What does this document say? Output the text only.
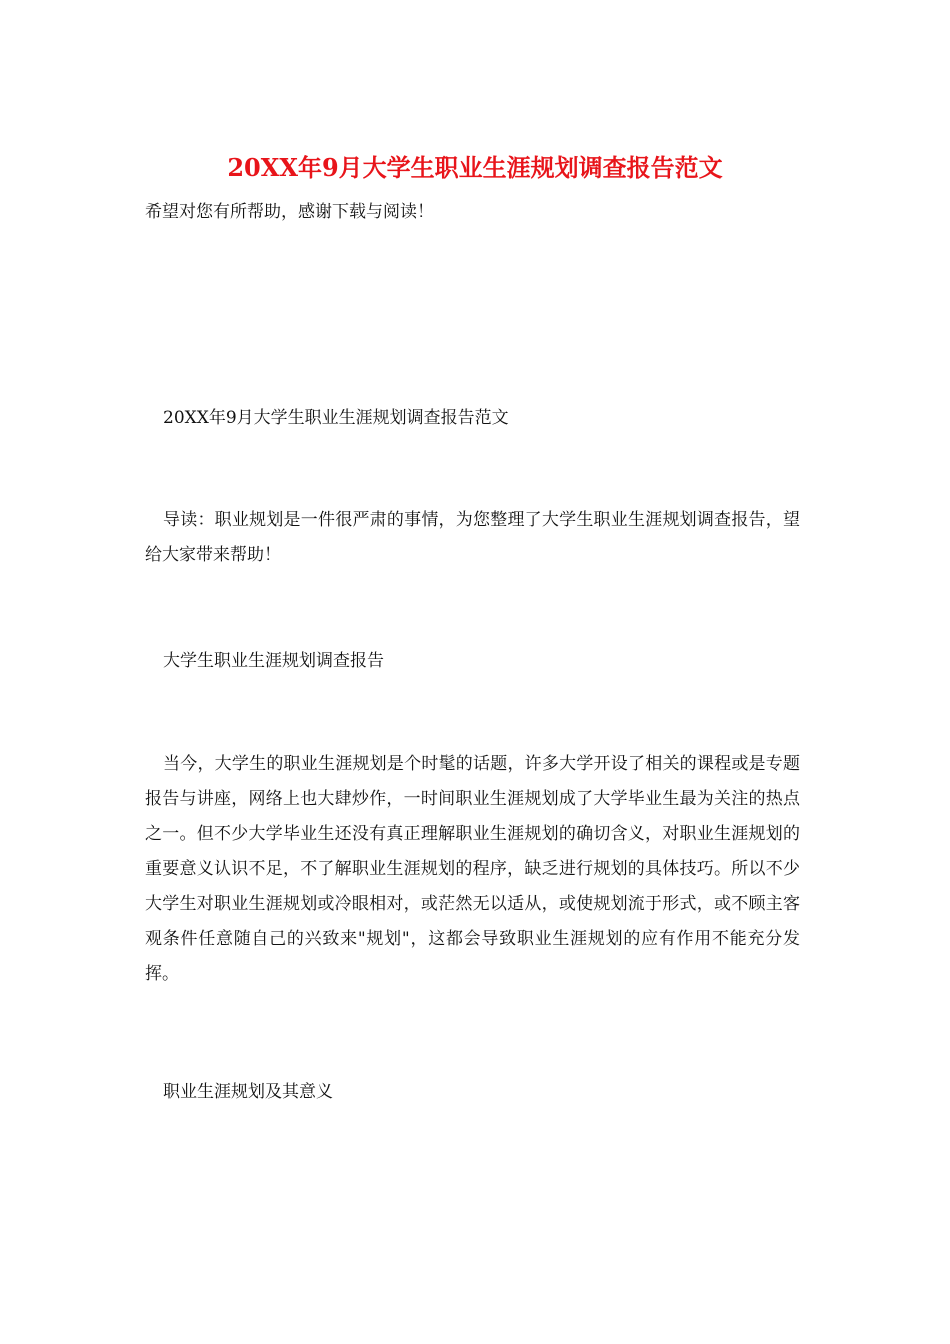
20XX年9月大学生职业生涯规划调查报告范文
希望对您有所帮助，感谢下载与阅读！

20XX年9月大学生职业生涯规划调查报告范文

导读：职业规划是一件很严肃的事情，为您整理了大学生职业生涯规划调查报告，望给大家带来帮助！

大学生职业生涯规划调查报告

当今，大学生的职业生涯规划是个时髦的话题，许多大学开设了相关的课程或是专题报告与讲座，网络上也大肆炒作，一时间职业生涯规划成了大学毕业生最为关注的热点之一。但不少大学毕业生还没有真正理解职业生涯规划的确切含义，对职业生涯规划的重要意义认识不足，不了解职业生涯规划的程序，缺乏进行规划的具体技巧。所以不少大学生对职业生涯规划或冷眼相对，或茫然无以适从，或使规划流于形式，或不顾主客观条件任意随自己的兴致来"规划"，这都会导致职业生涯规划的应有作用不能充分发挥。

职业生涯规划及其意义
